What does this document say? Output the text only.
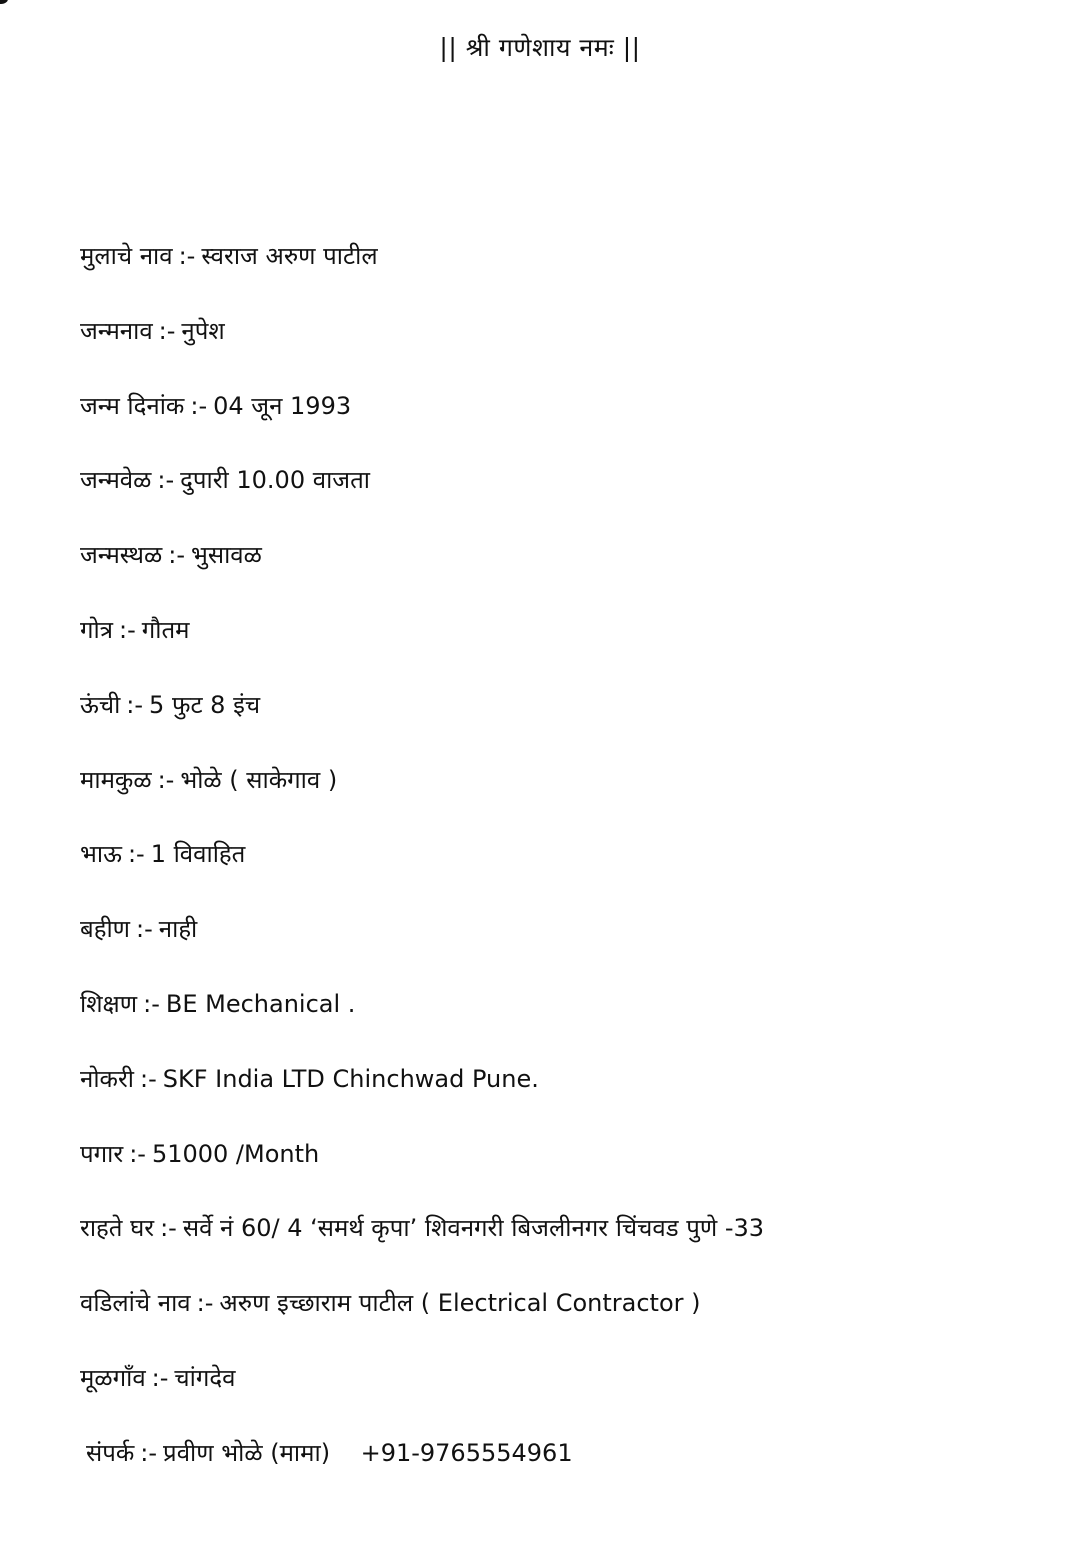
|| श्री गणेशाय नमः ||
मुलाचे नाव :- स्वराज अरुण पाटील
जन्मनाव :- नुपेश
जन्म दिनांक :- 04 जून 1993
जन्मवेळ :- दुपारी 10.00 वाजता
जन्मस्थळ :- भुसावळ
गोत्र :- गौतम
ऊंची :- 5 फुट 8 इंच
मामकुळ :- भोळे ( साकेगाव )
भाऊ :- 1 विवाहित
बहीण :- नाही
शिक्षण :- BE Mechanical .
नोकरी :- SKF India LTD Chinchwad Pune.
पगार :- 51000 /Month
राहते घर :- सर्वे नं 60/ 4 ‘समर्थ कृपा’ शिवनगरी बिजलीनगर चिंचवड पुणे -33
वडिलांचे नाव :- अरुण इच्छाराम पाटील ( Electrical Contractor )
मूळगाँव :- चांगदेव
संपर्क :- प्रवीण भोळे (मामा)    +91-9765554961
